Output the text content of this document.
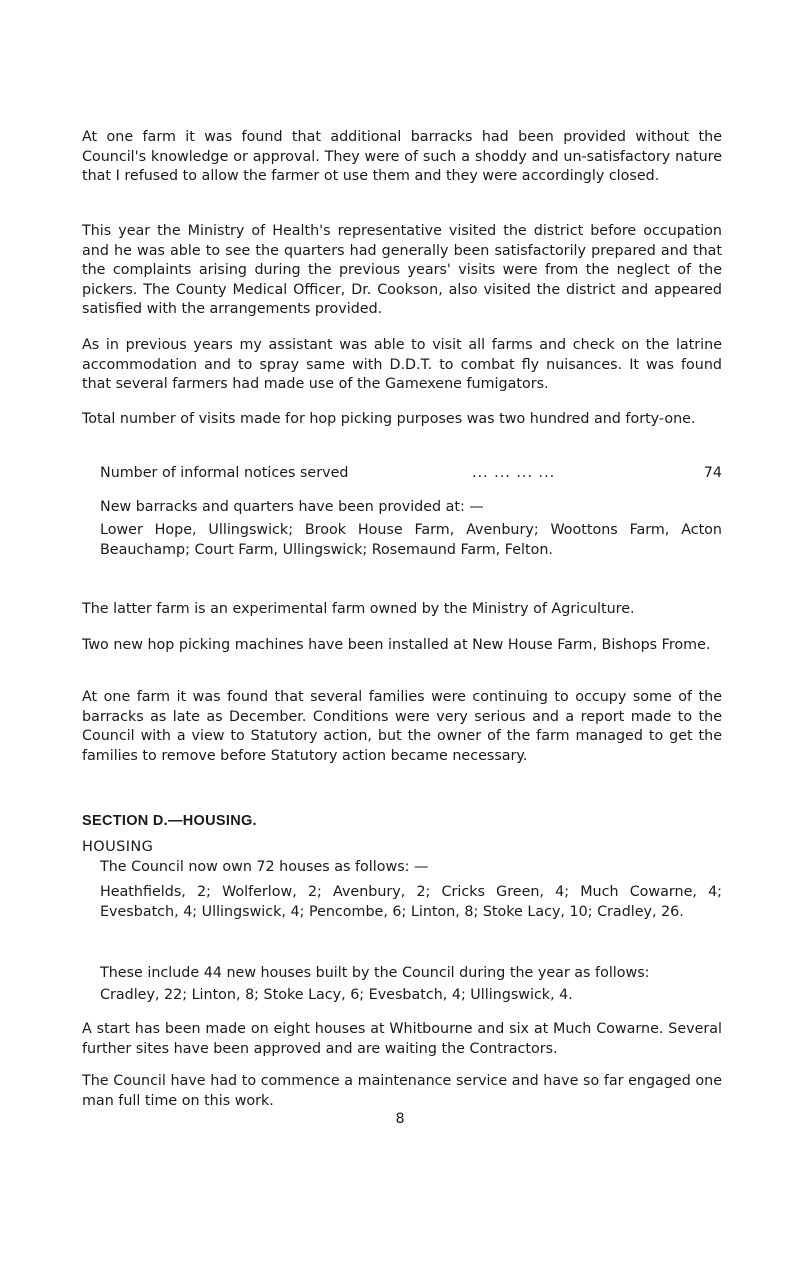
At one farm it was found that additional barracks had been provided without the Council's knowledge or approval. They were of such a shoddy and un-satisfactory nature that I refused to allow the farmer ot use them and they were accordingly closed.

This year the Ministry of Health's representative visited the district before occupation and he was able to see the quarters had generally been satisfactorily prepared and that the complaints arising during the previous years' visits were from the neglect of the pickers. The County Medical Officer, Dr. Cookson, also visited the district and appeared satisfied with the arrangements provided.

As in previous years my assistant was able to visit all farms and check on the latrine accommodation and to spray same with D.D.T. to combat fly nuisances. It was found that several farmers had made use of the Gamexene fumigators.

Total number of visits made for hop picking purposes was two hundred and forty-one.

Number of informal notices served	... ... ... ...	74

New barracks and quarters have been provided at: —

Lower Hope, Ullingswick; Brook House Farm, Avenbury; Woottons Farm, Acton Beauchamp; Court Farm, Ullingswick; Rosemaund Farm, Felton.

The latter farm is an experimental farm owned by the Ministry of Agriculture.

Two new hop picking machines have been installed at New House Farm, Bishops Frome.

At one farm it was found that several families were continuing to occupy some of the barracks as late as December. Conditions were very serious and a report made to the Council with a view to Statutory action, but the owner of the farm managed to get the families to remove before Statutory action became necessary.

SECTION D.—HOUSING.
HOUSING

The Council now own 72 houses as follows: —

Heathfields, 2; Wolferlow, 2; Avenbury, 2; Cricks Green, 4; Much Cowarne, 4; Evesbatch, 4; Ullingswick, 4; Pencombe, 6; Linton, 8; Stoke Lacy, 10; Cradley, 26.

These include 44 new houses built by the Council during the year as follows:

Cradley, 22; Linton, 8; Stoke Lacy, 6; Evesbatch, 4; Ullingswick, 4.

A start has been made on eight houses at Whitbourne and six at Much Cowarne. Several further sites have been approved and are waiting the Contractors.

The Council have had to commence a maintenance service and have so far engaged one man full time on this work.

8
